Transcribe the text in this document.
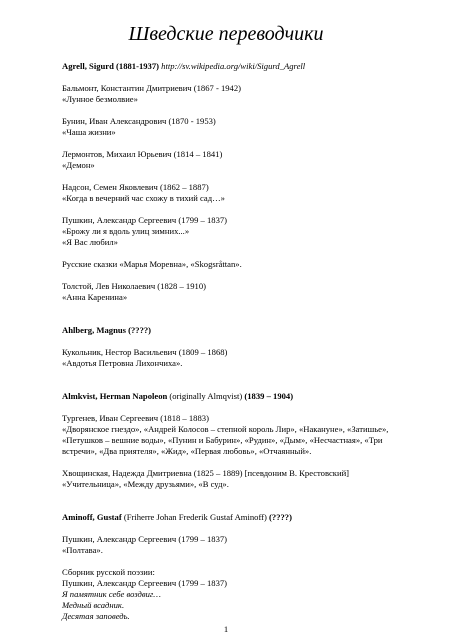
Шведские переводчики
Agrell, Sigurd (1881-1937) http://sv.wikipedia.org/wiki/Sigurd_Agrell
Бальмонт, Константин Дмитриевич (1867 - 1942)
«Лунное безмолвие»
Бунин, Иван Александрович (1870 - 1953)
«Чаша жизни»
Лермонтов, Михаил Юрьевич (1814 – 1841)
«Демон»
Надсон, Семен Яковлевич (1862 – 1887)
«Когда в вечерний час схожу в тихий сад…»
Пушкин, Александр Сергеевич (1799 – 1837)
«Брожу ли я вдоль улиц зимних...»
«Я Вас любил»
Русские сказки «Марья Моревна», «Skogsråttan».
Толстой, Лев Николаевич (1828 – 1910)
«Анна Каренина»
Ahlberg, Magnus (????)
Кукольник, Нестор Васильевич (1809 – 1868)
«Авдотья Петровна Лихончиха».
Almkvist, Herman Napoleon (originally Almqvist) (1839 – 1904)
Тургенев, Иван Сергеевич (1818 – 1883)
«Дворянское гнездо», «Андрей Колосов – степной король Лир», «Накануне», «Затишье»,
«Петушков – вешние воды», «Пунин и Бабурин», «Рудин», «Дым», «Несчастная», «Три
встречи», «Два приятеля», «Жид», «Первая любовь», «Отчаянный».
Хвощинская, Надежда Дмитриевна (1825 – 1889) [псевдоним В. Крестовский]
«Учительница», «Между друзьями», «В суд».
Aminoff, Gustaf (Friherre Johan Frederik Gustaf Aminoff) (????)
Пушкин, Александр Сергеевич (1799 – 1837)
«Полтава».
Сборник русской поэзии:
Пушкин, Александр Сергеевич (1799 – 1837)
Я памятник себе воздвиг…
Медный всадник.
Десятая заповедь.
1
